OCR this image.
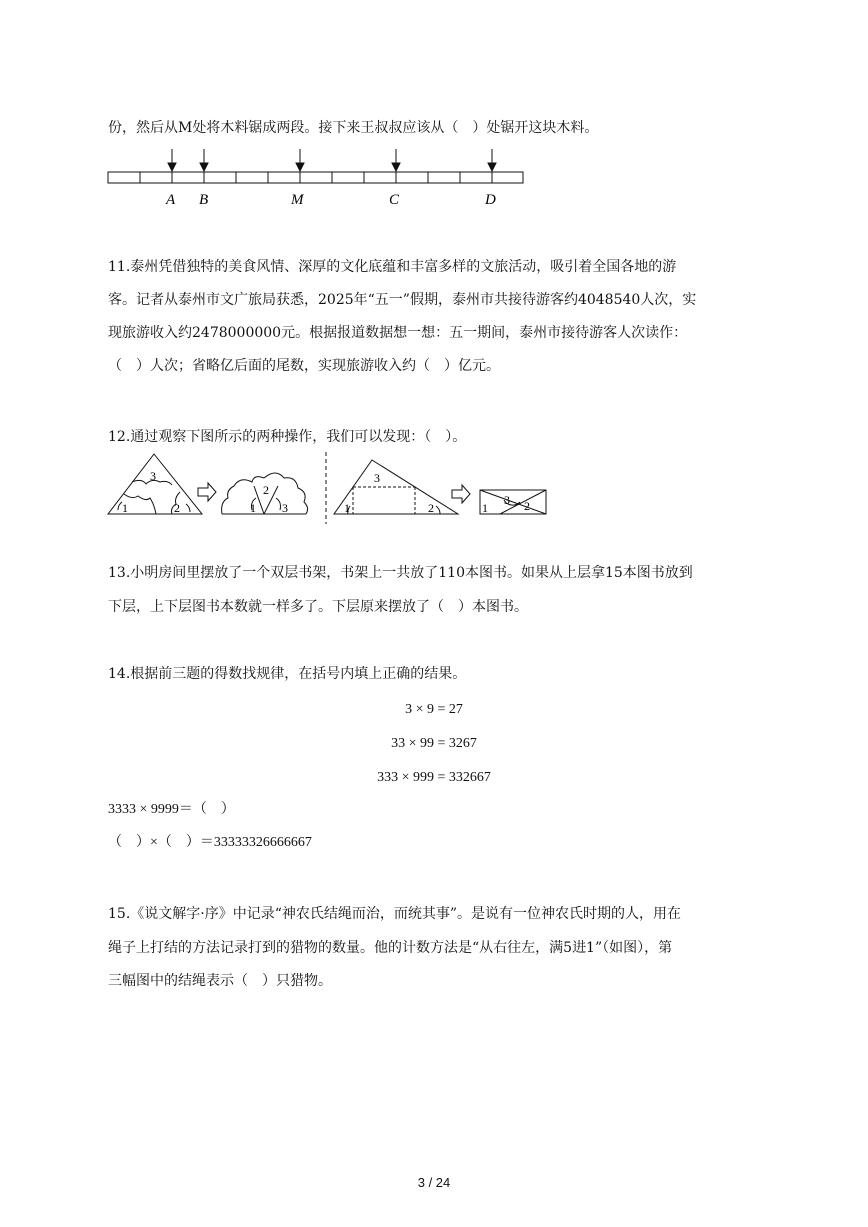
份，然后从M处将木料锯成两段。接下来王叔叔应该从（　）处锯开这块木料。
A B	M	C	D
11.泰州凭借独特的美食风情、深厚的文化底蕴和丰富多样的文旅活动，吸引着全国各地的游
客。记者从泰州市文广旅局获悉，2025年“五一”假期，泰州市共接待游客约4048540人次，实
现旅游收入约2478000000元。根据报道数据想一想：五一期间，泰州市接待游客人次读作：
（　）人次；省略亿后面的尾数，实现旅游收入约（　）亿元。
12.通过观察下图所示的两种操作，我们可以发现：（　）。
3
1	2
2
1 3
3
1	2	1
3 2
13.小明房间里摆放了一个双层书架，书架上一共放了110本图书。如果从上层拿15本图书放到
下层，上下层图书本数就一样多了。下层原来摆放了（　）本图书。
14.根据前三题的得数找规律，在括号内填上正确的结果。
3 × 9 = 27
33 × 99 = 3267
333 × 999 = 332667
3333 × 9999＝（　）
（　）×（　）＝33333326666667
15.《说文解字·序》中记录“神农氏结绳而治，而统其事”。是说有一位神农氏时期的人，用在
绳子上打结的方法记录打到的猎物的数量。他的计数方法是“从右往左，满5进1”（如图），第
三幅图中的结绳表示（　）只猎物。
3 / 24
